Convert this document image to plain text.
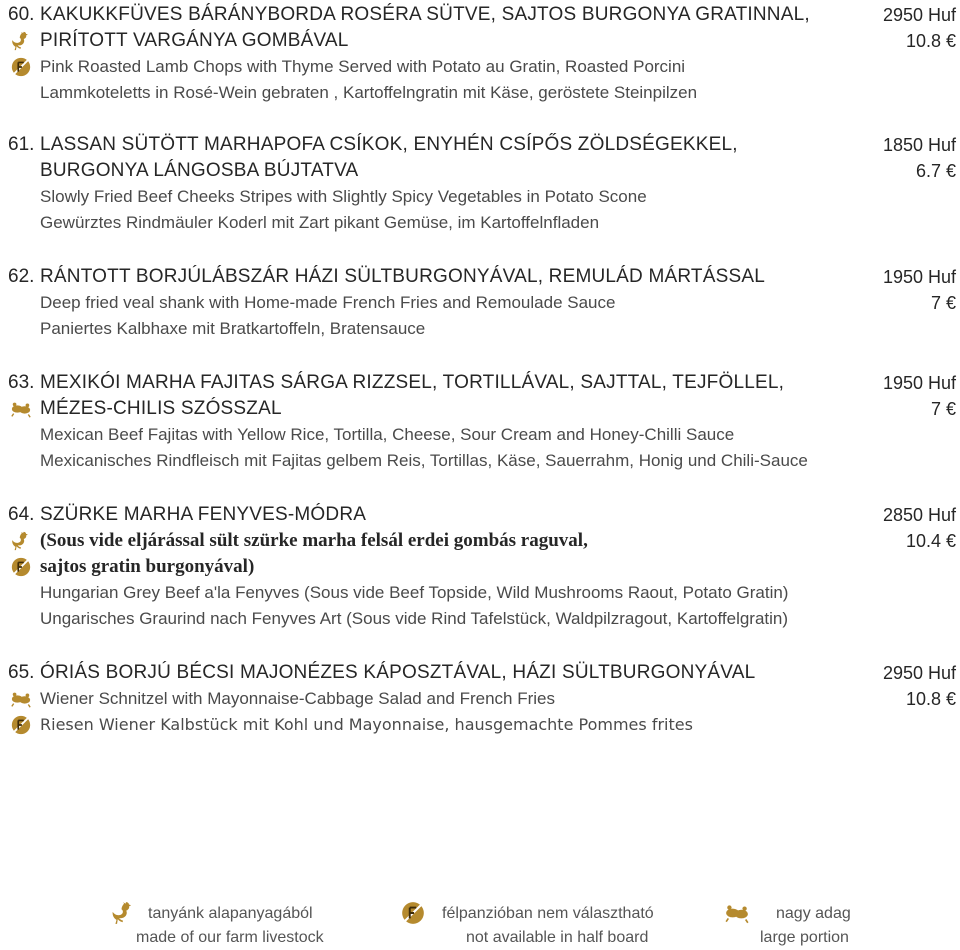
60. KAKUKKFÜVES BÁRÁNYBORDA ROSÉRA SÜTVE, SAJTOS BURGONYA GRATINNAL,	2950 Huf
PIRÍTOTT VARGÁNYA GOMBÁVAL	10.8 €
Pink Roasted Lamb Chops with Thyme Served with Potato au Gratin, Roasted Porcini
Lammkoteletts in Rosé-Wein gebraten , Kartoffelngratin mit Käse, geröstete Steinpilzen
61. LASSAN SÜTÖTT MARHAPOFA CSÍKOK, ENYHÉN CSÍPŐS ZÖLDSÉGEKKEL,	1850 Huf
BURGONYA LÁNGOSBA BÚJTATVA	6.7 €
Slowly Fried Beef Cheeks Stripes with Slightly Spicy Vegetables in Potato Scone
Gewürztes Rindmäuler Koderl mit Zart pikant Gemüse, im Kartoffelnfladen
62. RÁNTOTT BORJÚLÁBSZÁR HÁZI SÜLTBURGONYÁVAL, REMULÁD MÁRTÁSSAL	1950 Huf
Deep fried veal shank with Home-made French Fries and Remoulade Sauce	7 €
Paniertes Kalbhaxe mit Bratkartoffeln, Bratensauce
63. MEXIKÓI MARHA FAJITAS SÁRGA RIZZSEL, TORTILLÁVAL, SAJTTAL, TEJFÖLLEL,	1950 Huf
MÉZES-CHILIS SZÓSSZAL	7 €
Mexican Beef Fajitas with Yellow Rice, Tortilla, Cheese, Sour Cream and Honey-Chilli Sauce
Mexicanisches Rindfleisch mit Fajitas gelbem Reis, Tortillas, Käse, Sauerrahm, Honig und Chili-Sauce
64. SZÜRKE MARHA FENYVES-MÓDRA	2850 Huf
(Sous vide eljárással sült szürke marha felsál erdei gombás raguval,	10.4 €
sajtos gratin burgonyával)
Hungarian Grey Beef a'la Fenyves (Sous vide Beef Topside, Wild Mushrooms Raout, Potato Gratin)
Ungarisches Graurind nach Fenyves Art (Sous vide Rind Tafelstück, Waldpilzragout, Kartoffelgratin)
65. ÓRIÁS BORJÚ BÉCSI MAJONÉZES KÁPOSZTÁVAL, HÁZI SÜLTBURGONYÁVAL	2950 Huf
Wiener Schnitzel with Mayonnaise-Cabbage Salad and French Fries	10.8 €
Riesen Wiener Kalbstück mit Kohl und Mayonnaise, hausgemachte Pommes frites
tanyánk alapanyagából
made of our farm livestock
félpanzióban nem választható
not available in half board
nagy adag
large portion
